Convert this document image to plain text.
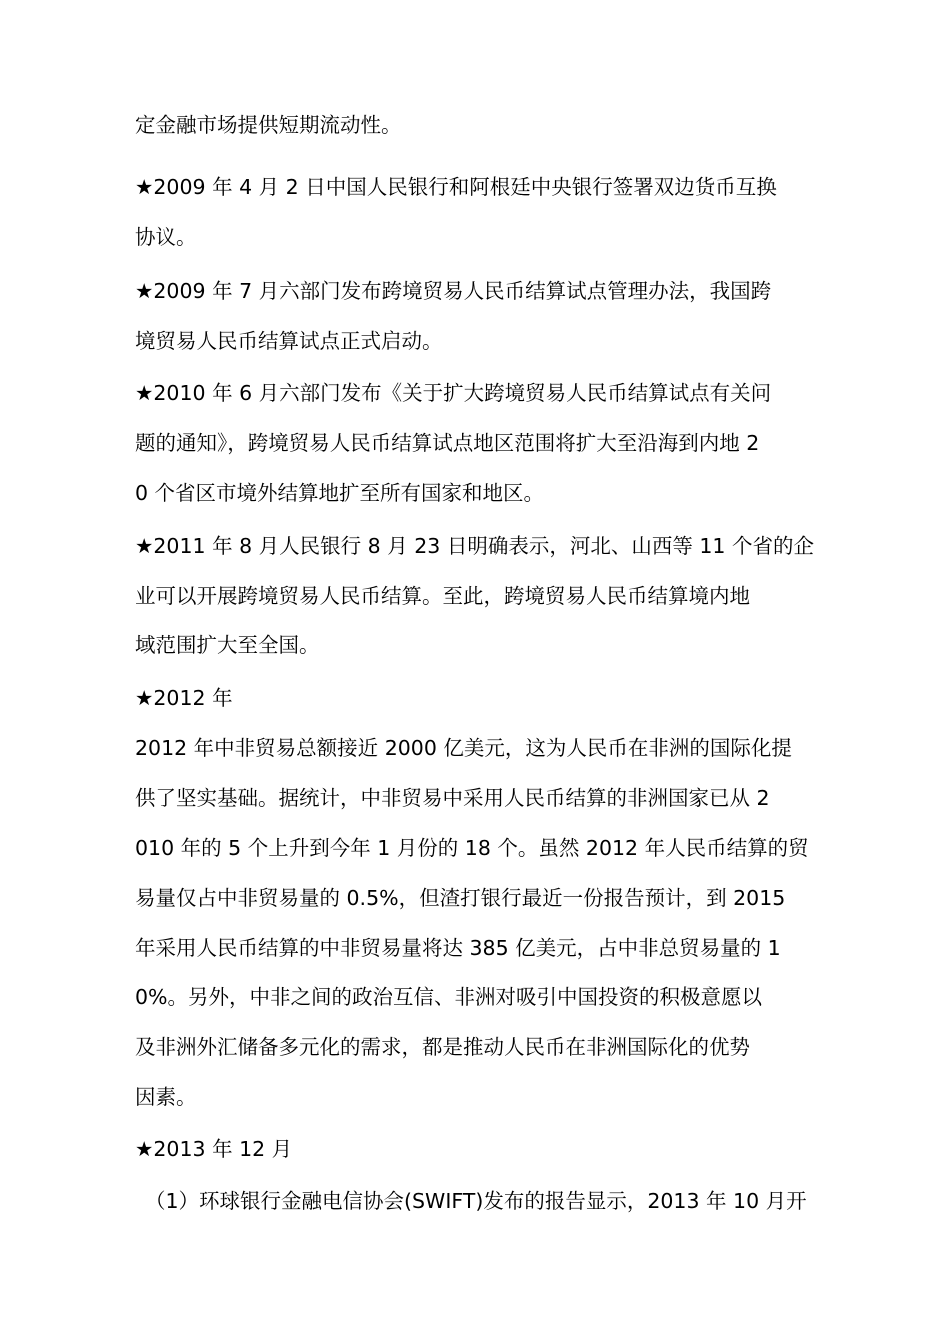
定金融市场提供短期流动性。
★2009 年 4 月 2 日中国人民银行和阿根廷中央银行签署双边货币互换
协议。
★2009 年 7 月六部门发布跨境贸易人民币结算试点管理办法，我国跨
境贸易人民币结算试点正式启动。
★2010 年 6 月六部门发布《关于扩大跨境贸易人民币结算试点有关问
题的通知》，跨境贸易人民币结算试点地区范围将扩大至沿海到内地 2
0 个省区市境外结算地扩至所有国家和地区。
★2011 年 8 月人民银行 8 月 23 日明确表示，河北、山西等 11 个省的企
业可以开展跨境贸易人民币结算。至此，跨境贸易人民币结算境内地
域范围扩大至全国。
★2012 年
2012 年中非贸易总额接近 2000 亿美元，这为人民币在非洲的国际化提
供了坚实基础。据统计，中非贸易中采用人民币结算的非洲国家已从 2
010 年的 5 个上升到今年 1 月份的 18 个。虽然 2012 年人民币结算的贸
易量仅占中非贸易量的 0.5%，但渣打银行最近一份报告预计，到 2015
年采用人民币结算的中非贸易量将达 385 亿美元，占中非总贸易量的 1
0%。另外，中非之间的政治互信、非洲对吸引中国投资的积极意愿以
及非洲外汇储备多元化的需求，都是推动人民币在非洲国际化的优势
因素。
★2013 年 12 月
（1）环球银行金融电信协会(SWIFT)发布的报告显示，2013 年 10 月开
